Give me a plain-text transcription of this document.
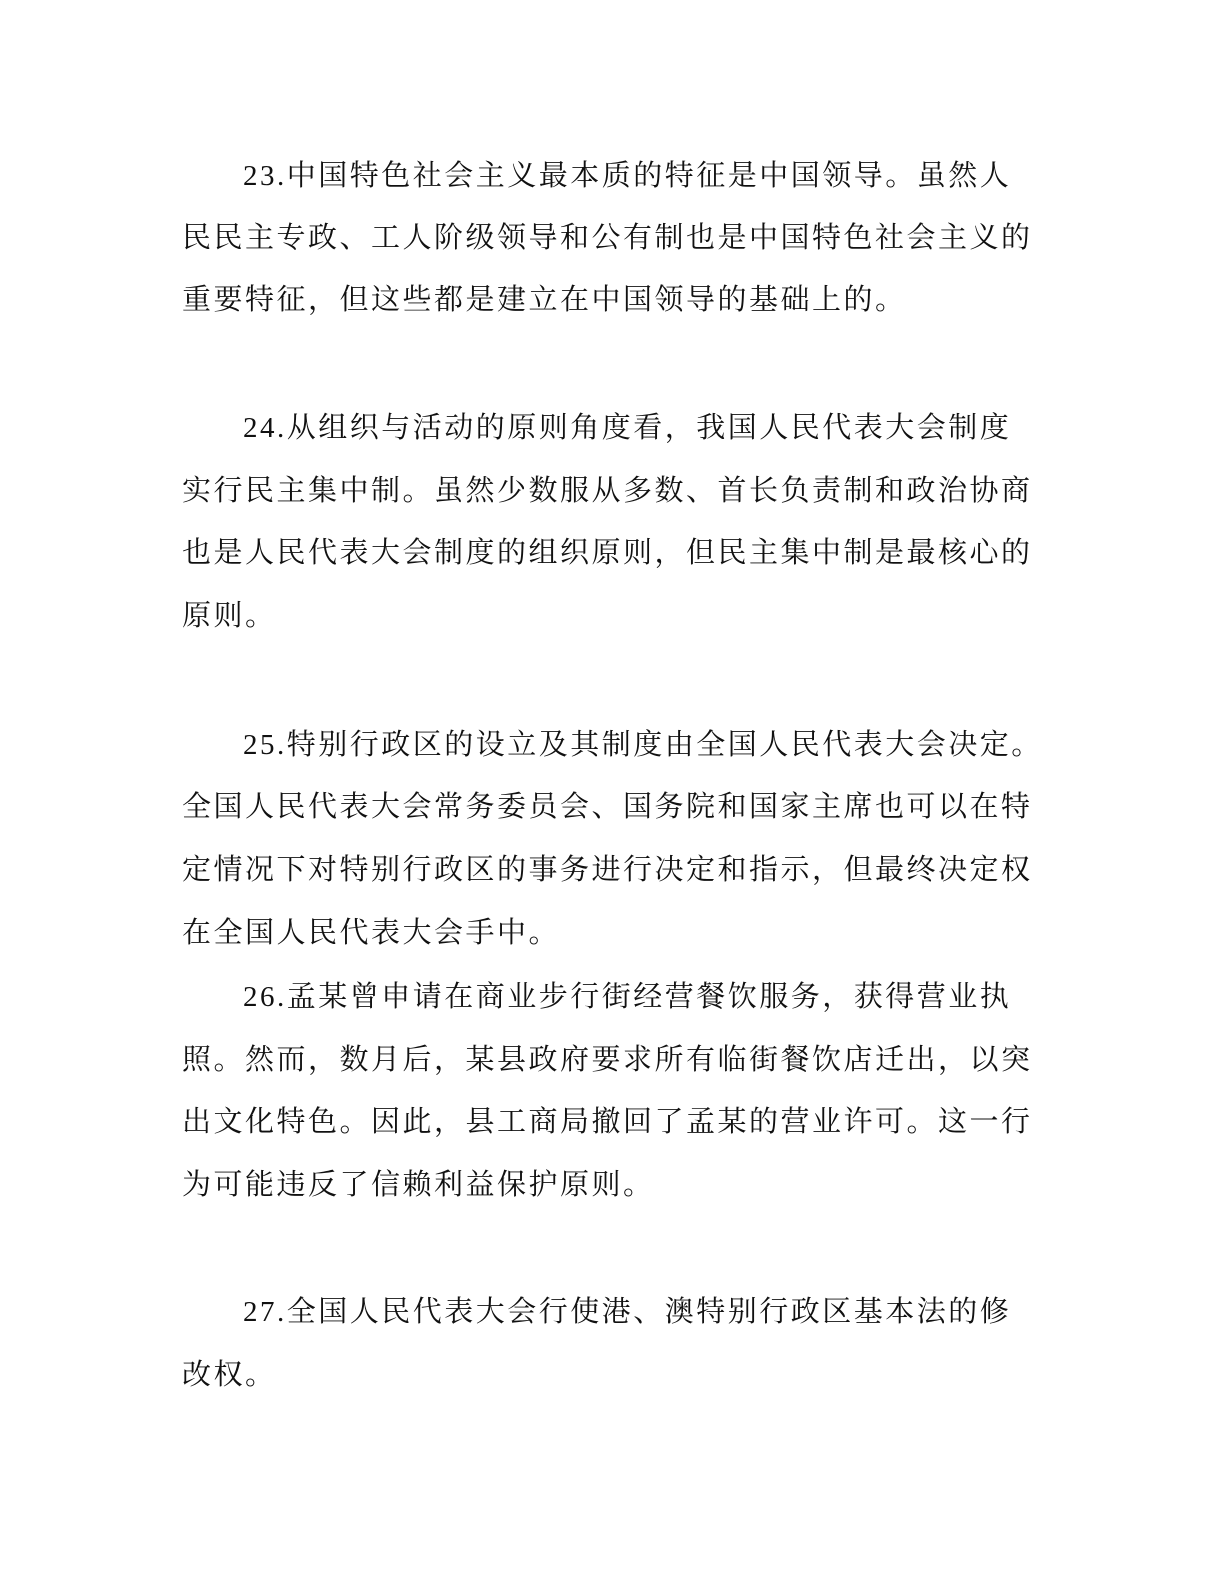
23.中国特色社会主义最本质的特征是中国领导。虽然人
民民主专政、工人阶级领导和公有制也是中国特色社会主义的
重要特征，但这些都是建立在中国领导的基础上的。
24.从组织与活动的原则角度看，我国人民代表大会制度
实行民主集中制。虽然少数服从多数、首长负责制和政治协商
也是人民代表大会制度的组织原则，但民主集中制是最核心的
原则。
25.特别行政区的设立及其制度由全国人民代表大会决定。
全国人民代表大会常务委员会、国务院和国家主席也可以在特
定情况下对特别行政区的事务进行决定和指示，但最终决定权
在全国人民代表大会手中。
26.孟某曾申请在商业步行街经营餐饮服务，获得营业执
照。然而，数月后，某县政府要求所有临街餐饮店迁出，以突
出文化特色。因此，县工商局撤回了孟某的营业许可。这一行
为可能违反了信赖利益保护原则。
27.全国人民代表大会行使港、澳特别行政区基本法的修
改权。
